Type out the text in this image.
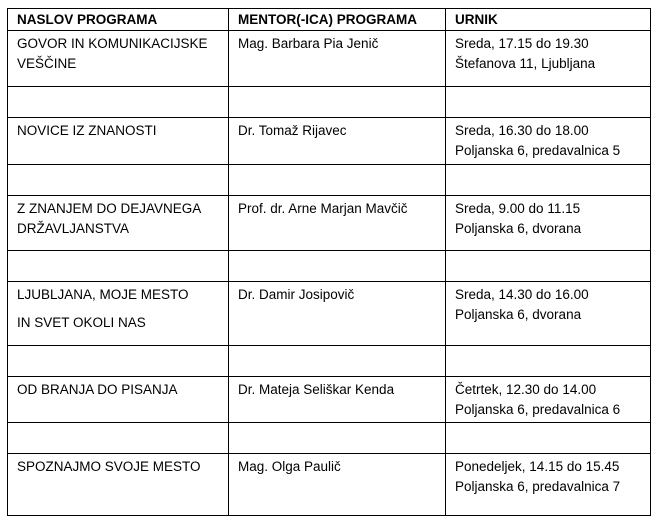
NASLOV PROGRAMA	MENTOR(-ICA) PROGRAMA	URNIK

GOVOR IN KOMUNIKACIJSKE
VEŠČINE	Mag. Barbara Pia Jenič	Sreda, 17.15 do 19.30
Štefanova 11, Ljubljana

NOVICE IZ ZNANOSTI	Dr. Tomaž Rijavec	Sreda, 16.30 do 18.00
Poljanska 6, predavalnica 5

Z ZNANJEM DO DEJAVNEGA
DRŽAVLJANSTVA	Prof. dr. Arne Marjan Mavčič	Sreda, 9.00 do 11.15
Poljanska 6, dvorana

LJUBLJANA, MOJE MESTO
IN SVET OKOLI NAS	Dr. Damir Josipovič	Sreda, 14.30 do 16.00
Poljanska 6, dvorana

OD BRANJA DO PISANJA	Dr. Mateja Seliškar Kenda	Četrtek, 12.30 do 14.00
Poljanska 6, predavalnica 6

SPOZNAJMO SVOJE MESTO	Mag. Olga Paulič	Ponedeljek, 14.15 do 15.45
Poljanska 6, predavalnica 7
